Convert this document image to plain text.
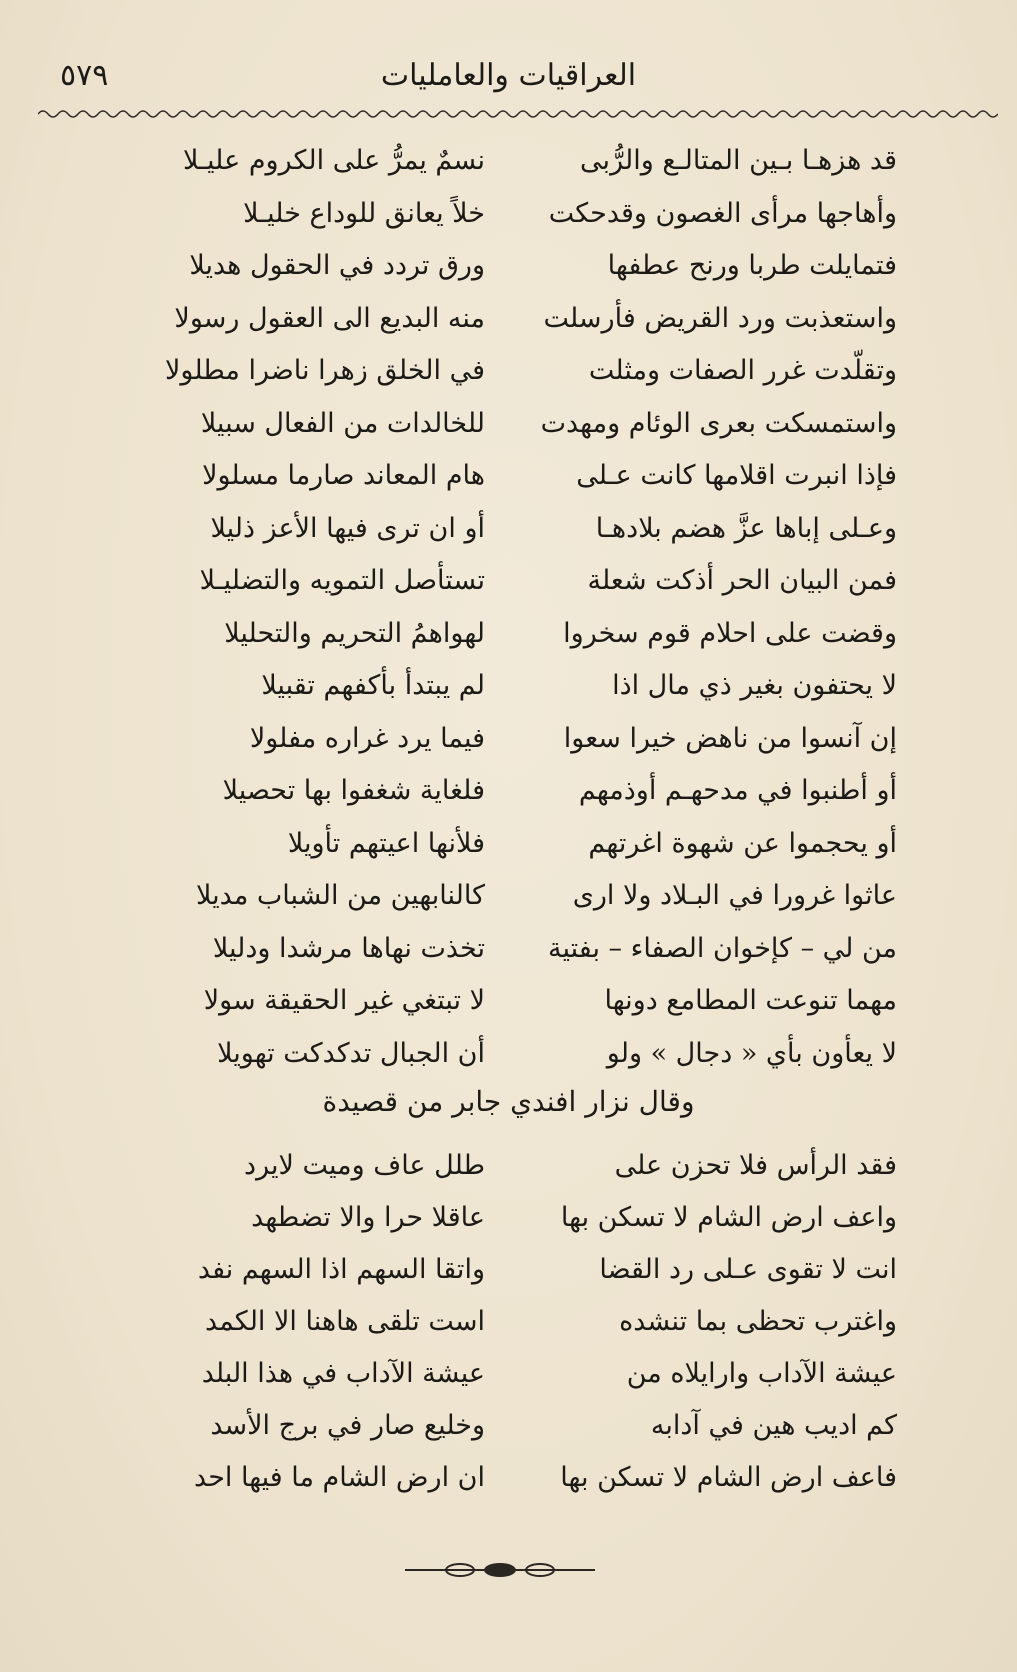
٥٧٩	العراقيات والعامليات
قد هزهـا بـين المتالـع والرُّبى
نسمٌ يمرُّ على الكروم عليـلا
وأهاجها مرأى الغصون وقدحكت
خلاً يعانق للوداع خليـلا
فتمايلت طربا ورنح عطفها
ورق تردد في الحقول هديلا
واستعذبت ورد القريض فأرسلت
منه البديع الى العقول رسولا
وتقلّدت غرر الصفات ومثلت
في الخلق زهرا ناضرا مطلولا
واستمسكت بعرى الوئام ومهدت
للخالدات من الفعال سبيلا
فإذا انبرت اقلامها كانت عـلى
هام المعاند صارما مسلولا
وعـلى إباها عزَّ هضم بلادهـا
أو ان ترى فيها الأعز ذليلا
فمن البيان الحر أذكت شعلة
تستأصل التمويه والتضليـلا
وقضت على احلام قوم سخروا
لهواهمُ التحريم والتحليلا
لا يحتفون بغير ذي مال اذا
لم يبتدأ بأكفهم تقبيلا
إن آنسوا من ناهض خيرا سعوا
فيما يرد غراره مفلولا
أو أطنبوا في مدحهـم أوذمهم
فلغاية شغفوا بها تحصيلا
أو يحجموا عن شهوة اغرتهم
فلأنها اعيتهم تأويلا
عاثوا غرورا في البـلاد ولا ارى
كالنابهين من الشباب مديلا
من لي – كإخوان الصفاء – بفتية
تخذت نهاها مرشدا ودليلا
مهما تنوعت المطامع دونها
لا تبتغي غير الحقيقة سولا
لا يعأون بأي « دجال » ولو
أن الجبال تدكدكت تهويلا
وقال نزار افندي جابر من قصيدة
فقد الرأس فلا تحزن على
طلل عاف وميت لايرد
واعف ارض الشام لا تسكن بها
عاقلا حرا والا تضطهد
انت لا تقوى عـلى رد القضا
واتقا السهم اذا السهم نفد
واغترب تحظى بما تنشده
است تلقى هاهنا الا الكمد
عيشة الآداب وارايلاه من
عيشة الآداب في هذا البلد
كم اديب هين في آدابه
وخليع صار في برج الأسد
فاعف ارض الشام لا تسكن بها
ان ارض الشام ما فيها احد
